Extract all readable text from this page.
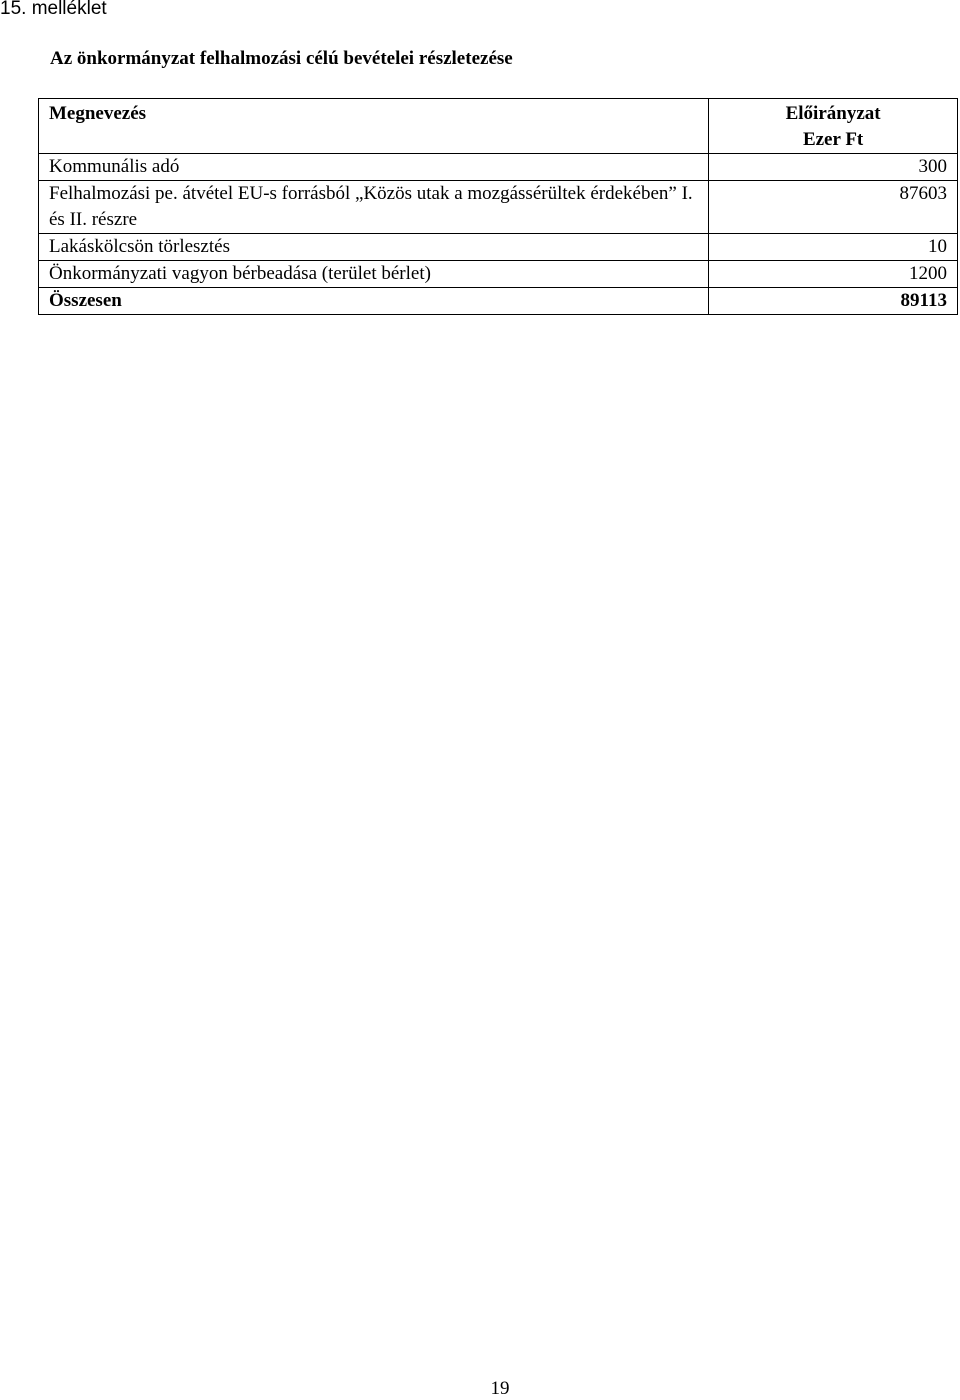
15. melléklet
Az önkormányzat felhalmozási célú bevételei részletezése
Megnevezés	Előirányzat
Ezer Ft

Kommunális adó	300
Felhalmozási pe. átvétel EU-s forrásból „Közös utak a mozgássérültek érdekében” I. és II. részre	87603
Lakáskölcsön törlesztés	10
Önkormányzati vagyon bérbeadása (terület bérlet)	1200
Összesen	89113
19
